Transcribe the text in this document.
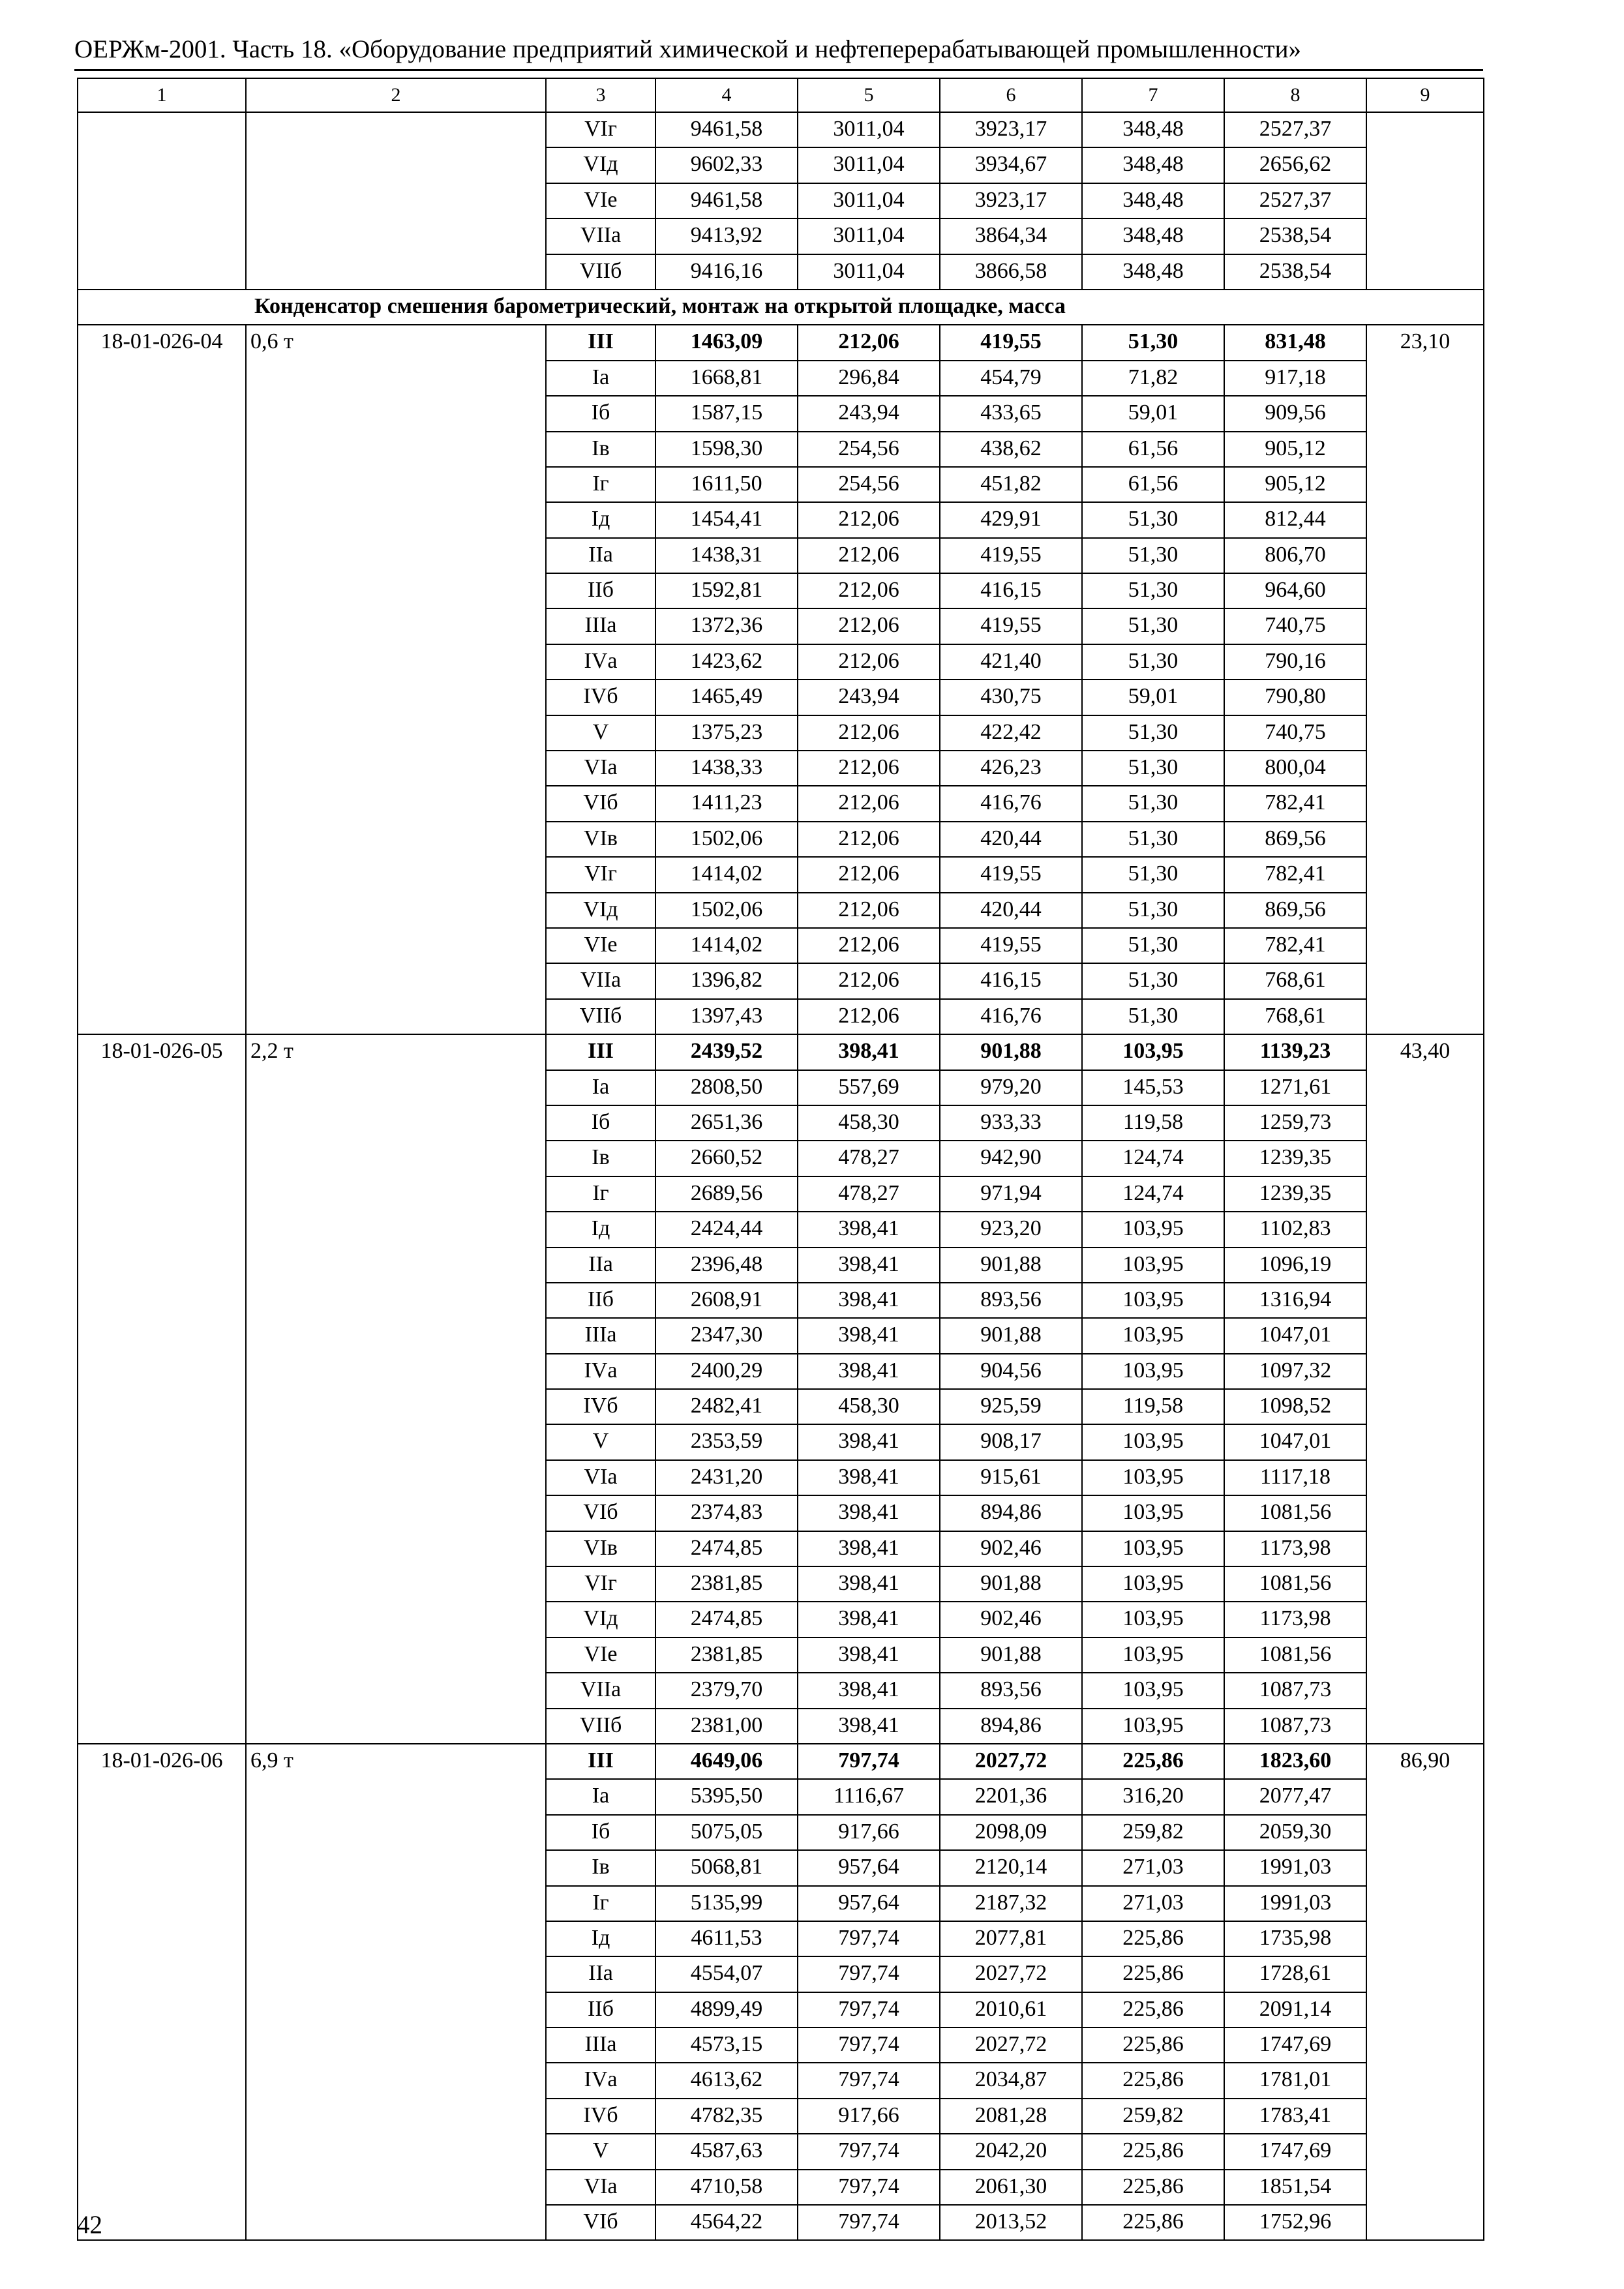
ОЕРЖм-2001. Часть 18. «Оборудование предприятий химической и нефтеперерабатывающей промышленности»
1	2	3	4	5	6	7	8	9
		VIг	9461,58	3011,04	3923,17	348,48	2527,37	
		VIд	9602,33	3011,04	3934,67	348,48	2656,62	
		VIе	9461,58	3011,04	3923,17	348,48	2527,37	
		VIIа	9413,92	3011,04	3864,34	348,48	2538,54	
		VIIб	9416,16	3011,04	3866,58	348,48	2538,54	
Конденсатор смешения барометрический, монтаж на открытой площадке, масса								
18-01-026-04	0,6 т	III	1463,09	212,06	419,55	51,30	831,48	23,10
		Iа	1668,81	296,84	454,79	71,82	917,18	
		Iб	1587,15	243,94	433,65	59,01	909,56	
		Iв	1598,30	254,56	438,62	61,56	905,12	
		Iг	1611,50	254,56	451,82	61,56	905,12	
		Iд	1454,41	212,06	429,91	51,30	812,44	
		IIа	1438,31	212,06	419,55	51,30	806,70	
		IIб	1592,81	212,06	416,15	51,30	964,60	
		IIIа	1372,36	212,06	419,55	51,30	740,75	
		IVа	1423,62	212,06	421,40	51,30	790,16	
		IVб	1465,49	243,94	430,75	59,01	790,80	
		V	1375,23	212,06	422,42	51,30	740,75	
		VIа	1438,33	212,06	426,23	51,30	800,04	
		VIб	1411,23	212,06	416,76	51,30	782,41	
		VIв	1502,06	212,06	420,44	51,30	869,56	
		VIг	1414,02	212,06	419,55	51,30	782,41	
		VIд	1502,06	212,06	420,44	51,30	869,56	
		VIе	1414,02	212,06	419,55	51,30	782,41	
		VIIа	1396,82	212,06	416,15	51,30	768,61	
		VIIб	1397,43	212,06	416,76	51,30	768,61	
18-01-026-05	2,2 т	III	2439,52	398,41	901,88	103,95	1139,23	43,40
		Iа	2808,50	557,69	979,20	145,53	1271,61	
		Iб	2651,36	458,30	933,33	119,58	1259,73	
		Iв	2660,52	478,27	942,90	124,74	1239,35	
		Iг	2689,56	478,27	971,94	124,74	1239,35	
		Iд	2424,44	398,41	923,20	103,95	1102,83	
		IIа	2396,48	398,41	901,88	103,95	1096,19	
		IIб	2608,91	398,41	893,56	103,95	1316,94	
		IIIа	2347,30	398,41	901,88	103,95	1047,01	
		IVа	2400,29	398,41	904,56	103,95	1097,32	
		IVб	2482,41	458,30	925,59	119,58	1098,52	
		V	2353,59	398,41	908,17	103,95	1047,01	
		VIа	2431,20	398,41	915,61	103,95	1117,18	
		VIб	2374,83	398,41	894,86	103,95	1081,56	
		VIв	2474,85	398,41	902,46	103,95	1173,98	
		VIг	2381,85	398,41	901,88	103,95	1081,56	
		VIд	2474,85	398,41	902,46	103,95	1173,98	
		VIе	2381,85	398,41	901,88	103,95	1081,56	
		VIIа	2379,70	398,41	893,56	103,95	1087,73	
		VIIб	2381,00	398,41	894,86	103,95	1087,73	
18-01-026-06	6,9 т	III	4649,06	797,74	2027,72	225,86	1823,60	86,90
		Iа	5395,50	1116,67	2201,36	316,20	2077,47	
		Iб	5075,05	917,66	2098,09	259,82	2059,30	
		Iв	5068,81	957,64	2120,14	271,03	1991,03	
		Iг	5135,99	957,64	2187,32	271,03	1991,03	
		Iд	4611,53	797,74	2077,81	225,86	1735,98	
		IIа	4554,07	797,74	2027,72	225,86	1728,61	
		IIб	4899,49	797,74	2010,61	225,86	2091,14	
		IIIа	4573,15	797,74	2027,72	225,86	1747,69	
		IVа	4613,62	797,74	2034,87	225,86	1781,01	
		IVб	4782,35	917,66	2081,28	259,82	1783,41	
		V	4587,63	797,74	2042,20	225,86	1747,69	
		VIа	4710,58	797,74	2061,30	225,86	1851,54	
		VIб	4564,22	797,74	2013,52	225,86	1752,96	
42
